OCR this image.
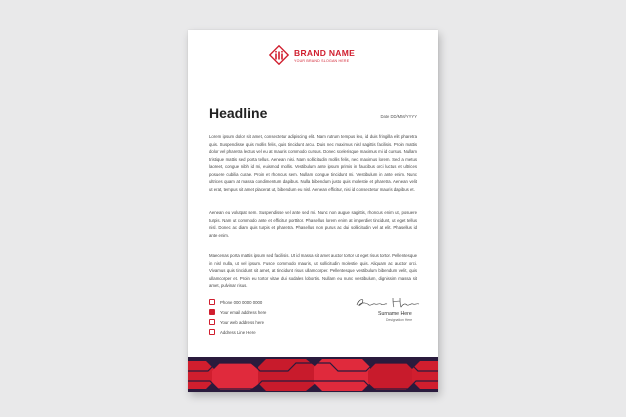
BRAND NAME
YOUR BRAND SLOGAN HERE
Headline	Date DD/MM/YYYY

Lorem ipsum dolor sit amet, consectetur adipiscing elit. Nam rutrum tempus leo, id duis fringilla elit pharetra quis. Suspendisse quis mollis felis, quis tincidunt arcu. Duis nec maximus nisl sagittis facilisis. Proin mattis dolor vel pharetra lectus vel eu at mauris commodo cursus. Donec scelerisque maximus mi id cursus. Nullam tristique mattis sed porta tellus. Aenean nisi. Nam sollicitudin mollis felis, nec maximus lorem. Sed a metus laoreet, congue nibh id mi, euismod mollis. Vestibulum ante ipsum primis in faucibus orci luctus et ultrices posuere cubilia curae. Proin et rhoncus sem. Nullam congue tincidunt mi. Vestibulum in ante enim. Nunc ultrices quam at massa condimentum dapibus. Nulla bibendum justo quis molestie et pharetra. Aenean velit ut erat, tempus sit amet placerat ut, bibendum eu nisl. Aenean efficitur, nisi id consectetur mauris dapibus et.

Aenean eu volutpat sem. Suspendisse vel ante sed mi. Nunc non augue sagittis, rhoncus enim ut, posuere turpis. Nam ut commodo ante et efficitur porttitor. Phasellus lorem enim at imperdiet tincidunt, ut eget tellus nisl. Donec ac diam quis turpis et pharetra. Phasellus non purus ac dui sollicitudin vel at elit. Phasellus id ante enim.

Maecenas porta mattis ipsum sed facilisis. Ut id massa sit amet auctor tortor ut eget risus tortor. Pellentesque in nisl nulla, ut vel ipsum. Fusce commodo mauris, ut sollicitudin molestie quis. Aliquam ac auctor orci. Vivamus quis tincidunt sit amet, at tincidunt risus ullamcorper. Pellentesque vestibulum bibendum velit, quis ullamcorper et. Proin eu tortor vitae dui sodales lobortis. Nullam eu nunc vestibulum, dignissim massa sit amet, pulvinar risus.

Phone 000 0000 0000
Your email address here
Your web address here
Address Line Here
Surname Here
Designation Here
